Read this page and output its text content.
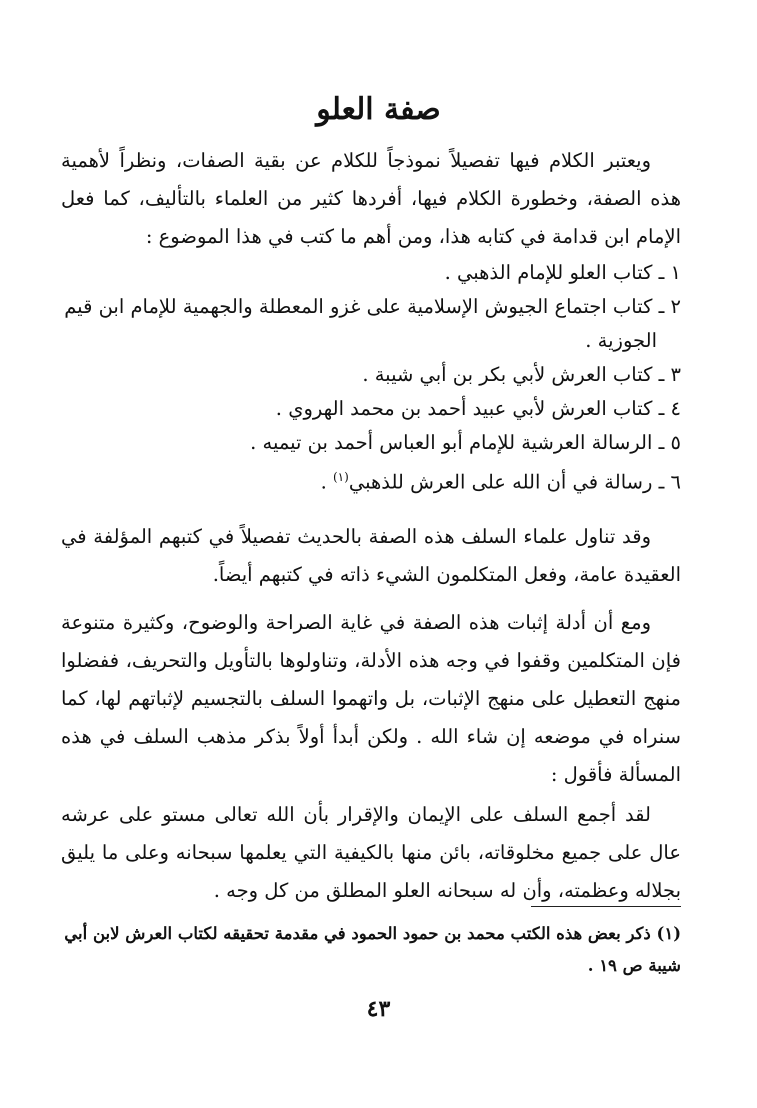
صفة العلو

ويعتبر الكلام فيها تفصيلاً نموذجاً للكلام عن بقية الصفات، ونظراً لأهمية هذه الصفة، وخطورة الكلام فيها، أفردها كثير من العلماء بالتأليف، كما فعل الإمام ابن قدامة في كتابه هذا، ومن أهم ما كتب في هذا الموضوع :

١ ـ كتاب العلو للإمام الذهبي .
٢ ـ كتاب اجتماع الجيوش الإسلامية على غزو المعطلة والجهمية للإمام ابن قيم
الجوزية .
٣ ـ كتاب العرش لأبي بكر بن أبي شيبة .
٤ ـ كتاب العرش لأبي عبيد أحمد بن محمد الهروي .
٥ ـ الرسالة العرشية للإمام أبو العباس أحمد بن تيميه .
٦ ـ رسالة في أن الله على العرش للذهبي$^{(١)}$ .

وقد تناول علماء السلف هذه الصفة بالحديث تفصيلاً في كتبهم المؤلفة في العقيدة عامة، وفعل المتكلمون الشيء ذاته في كتبهم أيضاً.

ومع أن أدلة إثبات هذه الصفة في غاية الصراحة والوضوح، وكثيرة متنوعة فإن المتكلمين وقفوا في وجه هذه الأدلة، وتناولوها بالتأويل والتحريف، ففضلوا منهج التعطيل على منهج الإثبات، بل واتهموا السلف بالتجسيم لإثباتهم لها، كما سنراه في موضعه إن شاء الله . ولكن أبدأ أولاً بذكر مذهب السلف في هذه المسألة فأقول :

لقد أجمع السلف على الإيمان والإقرار بأن الله تعالى مستو على عرشه عال على جميع مخلوقاته، بائن منها بالكيفية التي يعلمها سبحانه وعلى ما يليق بجلاله وعظمته، وأن له سبحانه العلو المطلق من كل وجه .

(١) ذكر بعض هذه الكتب محمد بن حمود الحمود في مقدمة تحقيقه لكتاب العرش لابن أبي شيبة ص ١٩ .
٤٣
